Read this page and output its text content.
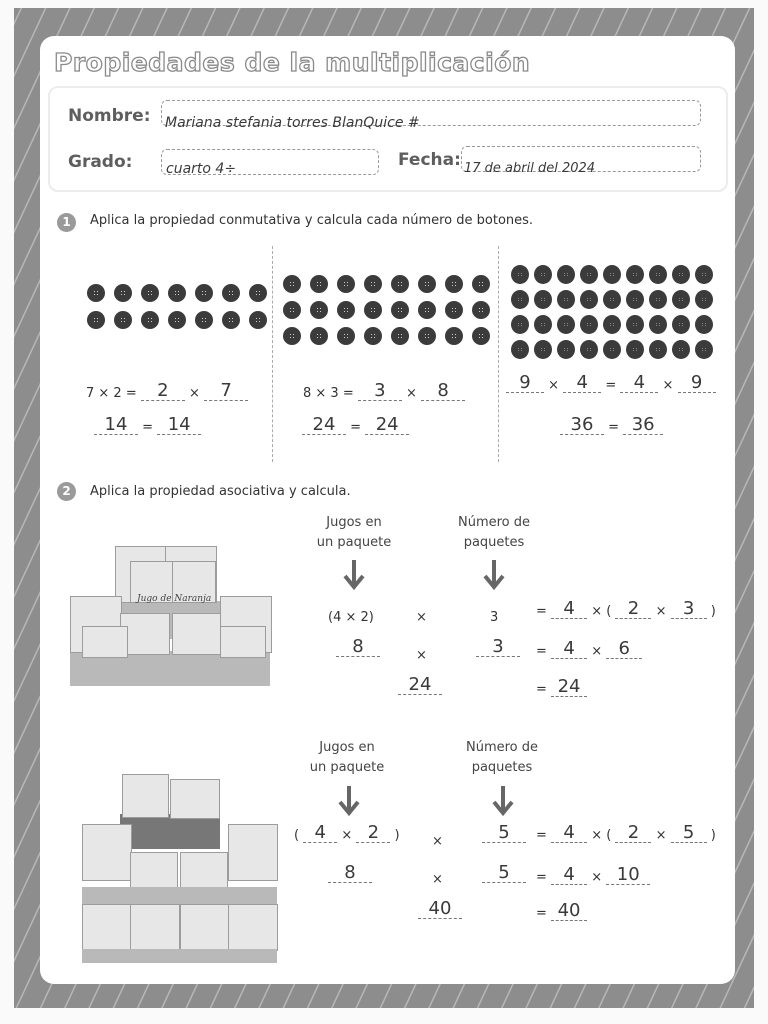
Propiedades de la multiplicación
Nombre: Mariana stefania torres BlanQuice #
Grado: cuarto 4÷	Fecha: 17 de abril del 2024
1	Aplica la propiedad conmutativa y calcula cada número de botones.
7 × 2 = 2 × 7
14 = 14
8 × 3 = 3 × 8
24 = 24
9 × 4 = 4 × 9
36 = 36
2	Aplica la propiedad asociativa y calcula.
Jugos en
un paquete
Número de
paquetes
(4 × 2)	×	3	= 4 × ( 2 × 3 )
8	×	3	= 4 × 6
24	= 24
Jugo de Naranja
Jugos en
un paquete
Número de
paquetes
( 4 × 2 ) ×	5	= 4 × ( 2 × 5 )
8	×	5	= 4 × 10
40	= 40
